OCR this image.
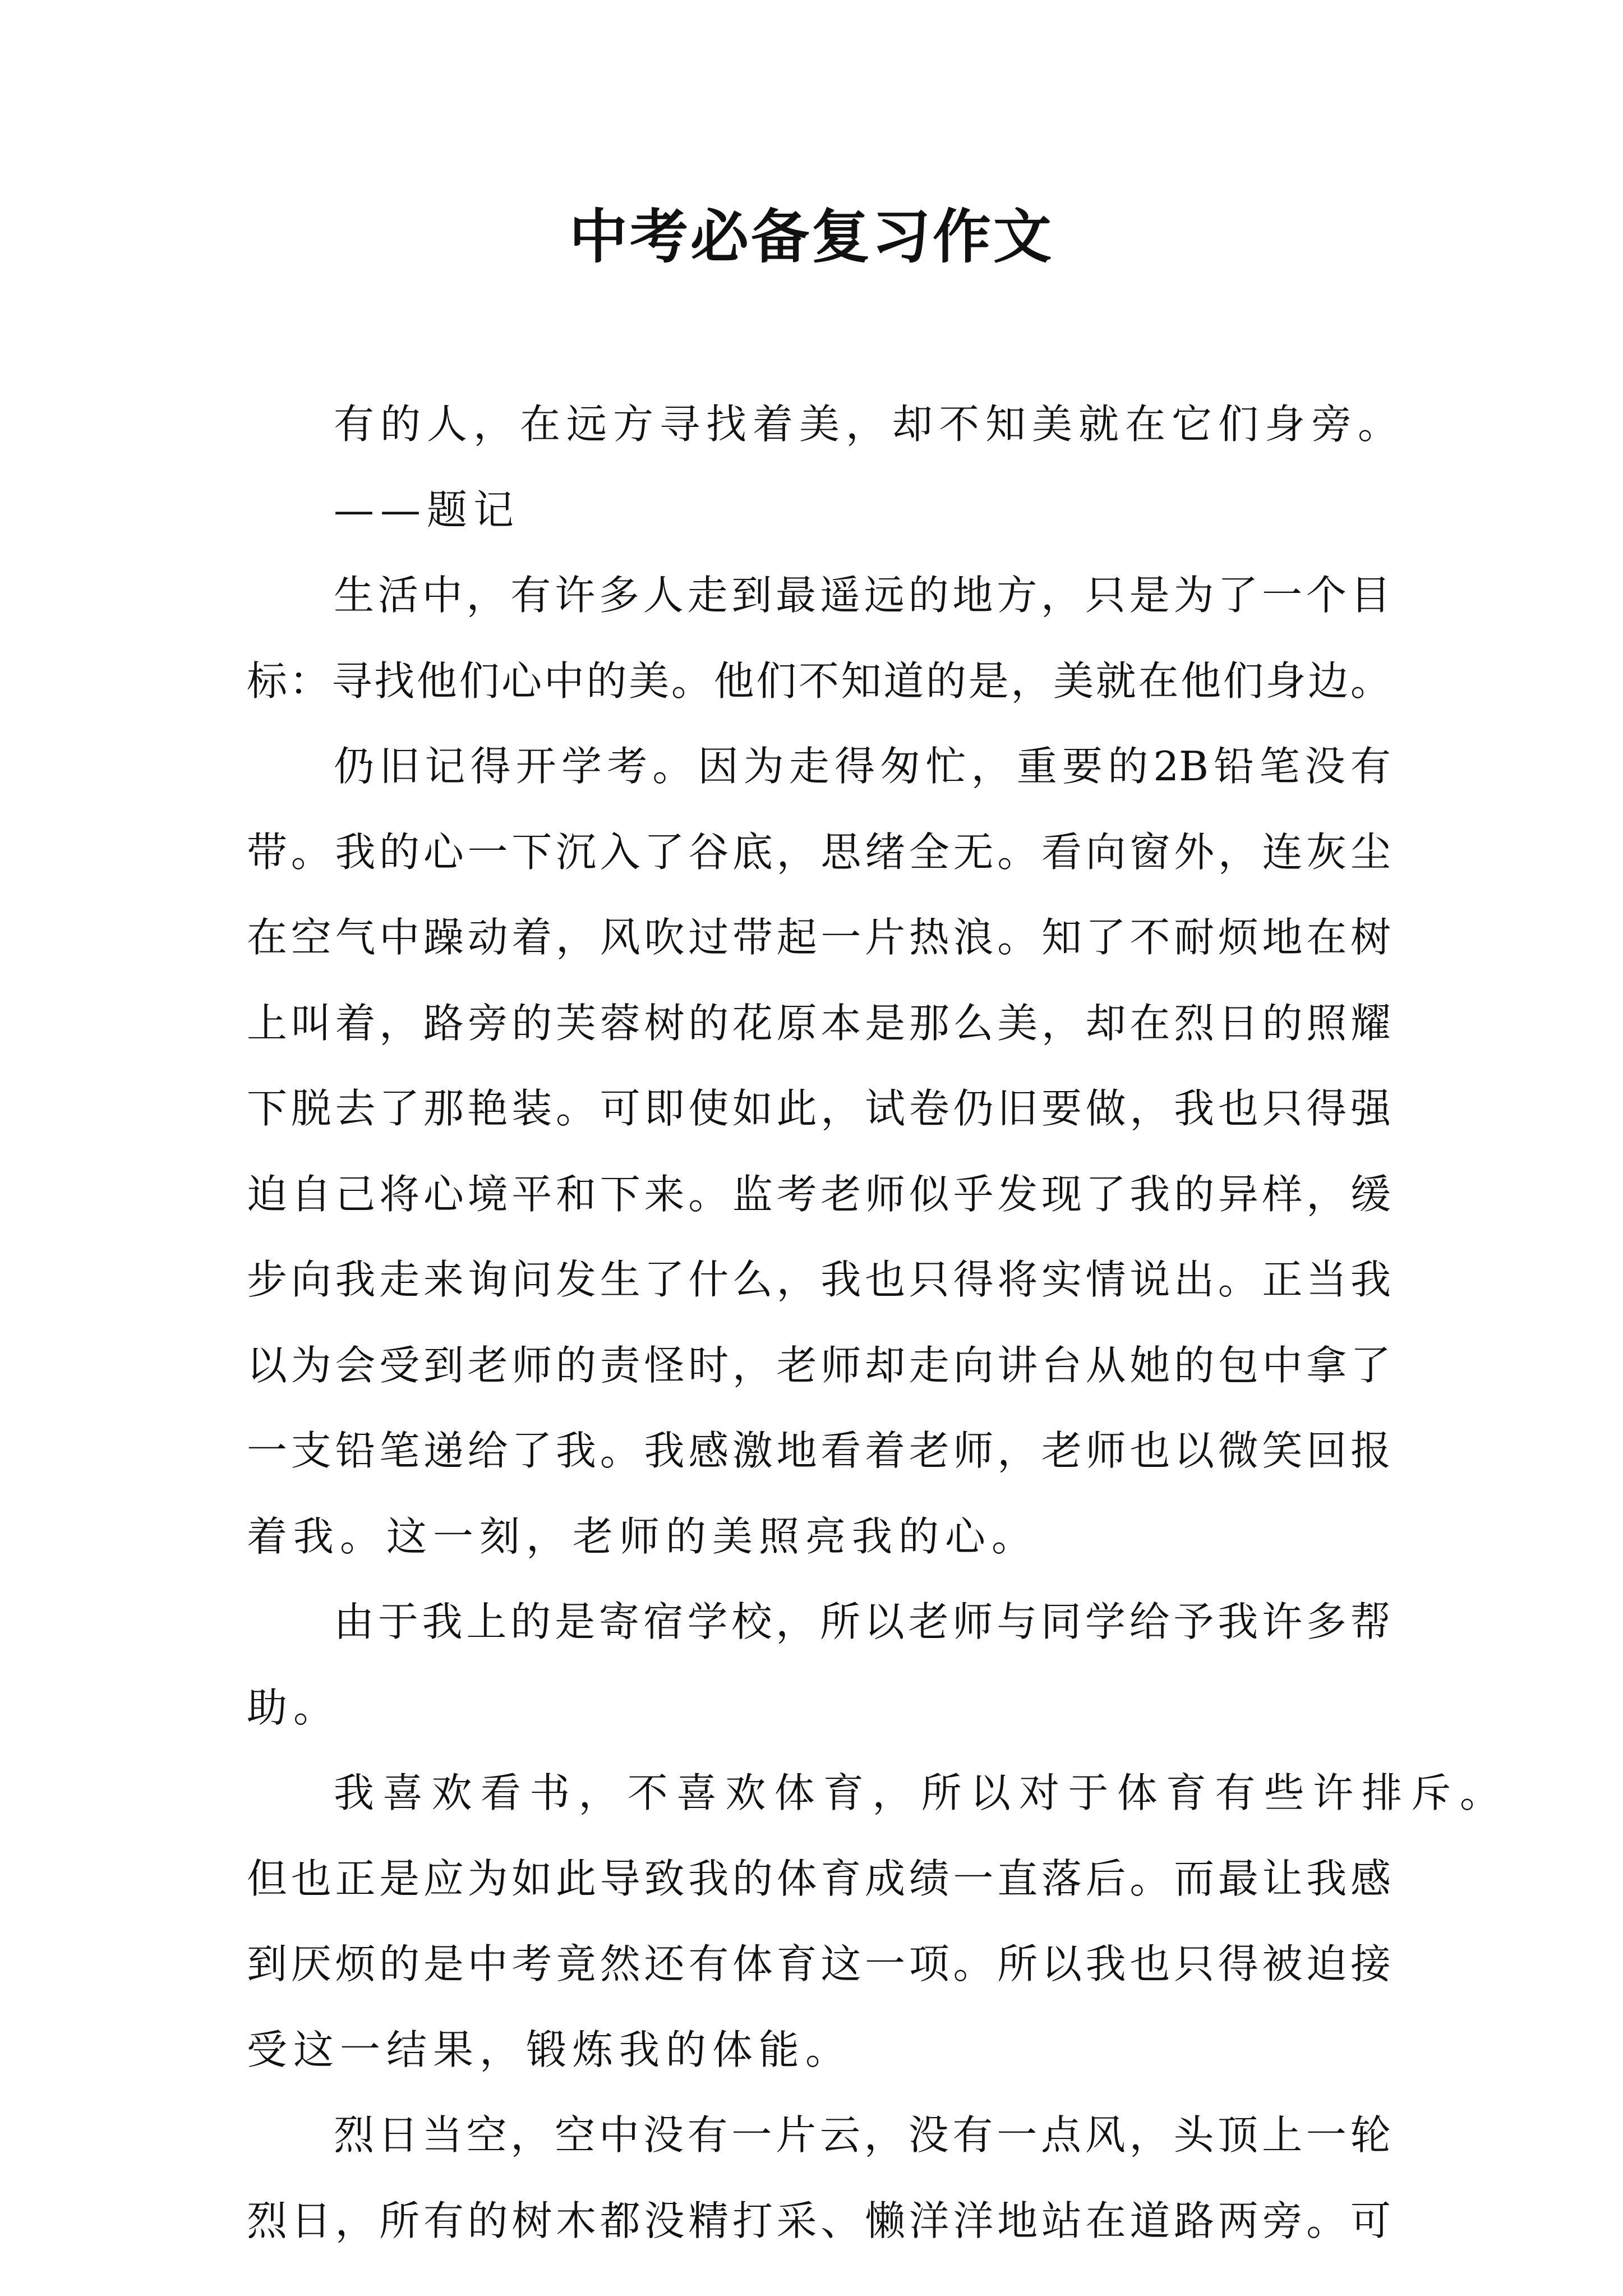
中考必备复习作文
有的人，在远方寻找着美，却不知美就在它们身旁。
——题记
生 活 中 ， 有 许 多 人 走 到 最 遥 远 的 地 方 ， 只 是 为 了 一 个 目
标 ： 寻 找 他 们 心 中 的 美 。 他 们 不 知 道 的 是 ， 美 就 在 他 们 身 边 。
仍 旧 记 得 开 学 考 。 因 为 走 得 匆 忙 ， 重 要 的 2B 铅 笔 没 有
带 。 我 的 心 一 下 沉 入 了 谷 底 ， 思 绪 全 无 。 看 向 窗 外 ， 连 灰 尘
在 空 气 中 躁 动 着 ， 风 吹 过 带 起 一 片 热 浪 。 知 了 不 耐 烦 地 在 树
上 叫 着 ， 路 旁 的 芙 蓉 树 的 花 原 本 是 那 么 美 ， 却 在 烈 日 的 照 耀
下 脱 去 了 那 艳 装 。 可 即 使 如 此 ， 试 卷 仍 旧 要 做 ， 我 也 只 得 强
迫 自 己 将 心 境 平 和 下 来 。 监 考 老 师 似 乎 发 现 了 我 的 异 样 ， 缓
步 向 我 走 来 询 问 发 生 了 什 么 ， 我 也 只 得 将 实 情 说 出 。 正 当 我
以 为 会 受 到 老 师 的 责 怪 时 ， 老 师 却 走 向 讲 台 从 她 的 包 中 拿 了
一 支 铅 笔 递 给 了 我 。 我 感 激 地 看 着 老 师 ， 老 师 也 以 微 笑 回 报
着我。这一刻，老师的美照亮我的心。
由 于 我 上 的 是 寄 宿 学 校 ， 所 以 老 师 与 同 学 给 予 我 许 多 帮
助。
我 喜 欢 看 书 ， 不 喜 欢 体 育 ， 所 以 对 于 体 育 有 些 许 排 斥 。
但 也 正 是 应 为 如 此 导 致 我 的 体 育 成 绩 一 直 落 后 。 而 最 让 我 感
到 厌 烦 的 是 中 考 竟 然 还 有 体 育 这 一 项 。 所 以 我 也 只 得 被 迫 接
受这一结果，锻炼我的体能。
烈 日 当 空 ， 空 中 没 有 一 片 云 ， 没 有 一 点 风 ， 头 顶 上 一 轮
烈 日 ， 所 有 的 树 木 都 没 精 打 采 、 懒 洋 洋 地 站 在 道 路 两 旁 。 可
